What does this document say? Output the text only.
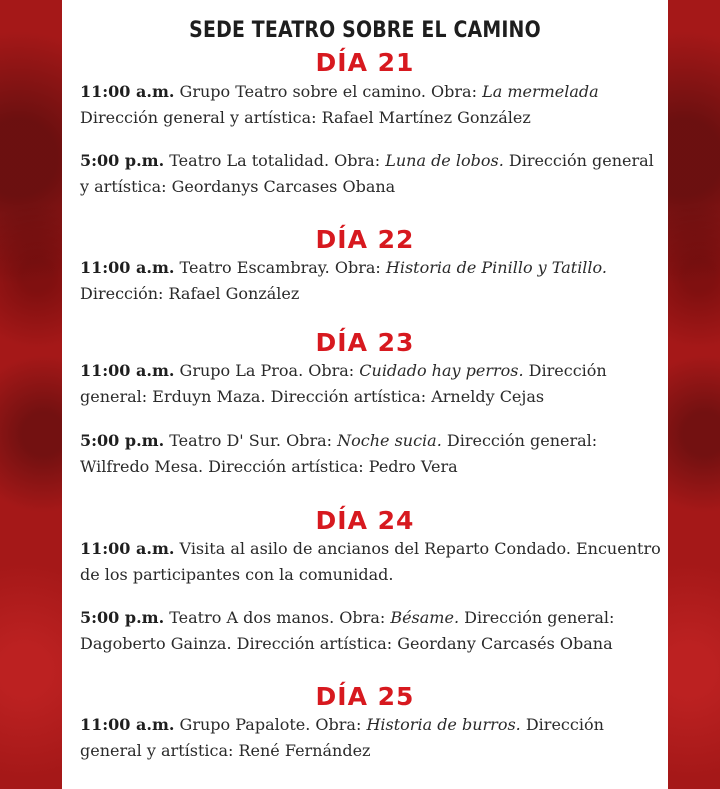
SEDE TEATRO SOBRE EL CAMINO
DÍA 21
11:00 a.m. Grupo Teatro sobre el camino. Obra: La mermelada
Dirección general y artística: Rafael Martínez González
5:00 p.m. Teatro La totalidad. Obra: Luna de lobos. Dirección general y artística: Geordanys Carcases Obana
DÍA 22
11:00 a.m. Teatro Escambray. Obra: Historia de Pinillo y Tatillo.
Dirección: Rafael González
DÍA 23
11:00 a.m. Grupo La Proa. Obra: Cuidado hay perros. Dirección general: Erduyn Maza. Dirección artística: Arneldy Cejas
5:00 p.m. Teatro D' Sur. Obra: Noche sucia. Dirección general: Wilfredo Mesa. Dirección artística: Pedro Vera
DÍA 24
11:00 a.m. Visita al asilo de ancianos del Reparto Condado. Encuentro de los participantes con la comunidad.
5:00 p.m. Teatro A dos manos. Obra: Bésame. Dirección general: Dagoberto Gainza. Dirección artística: Geordany Carcasés Obana
DÍA 25
11:00 a.m. Grupo Papalote. Obra: Historia de burros. Dirección general y artística: René Fernández
